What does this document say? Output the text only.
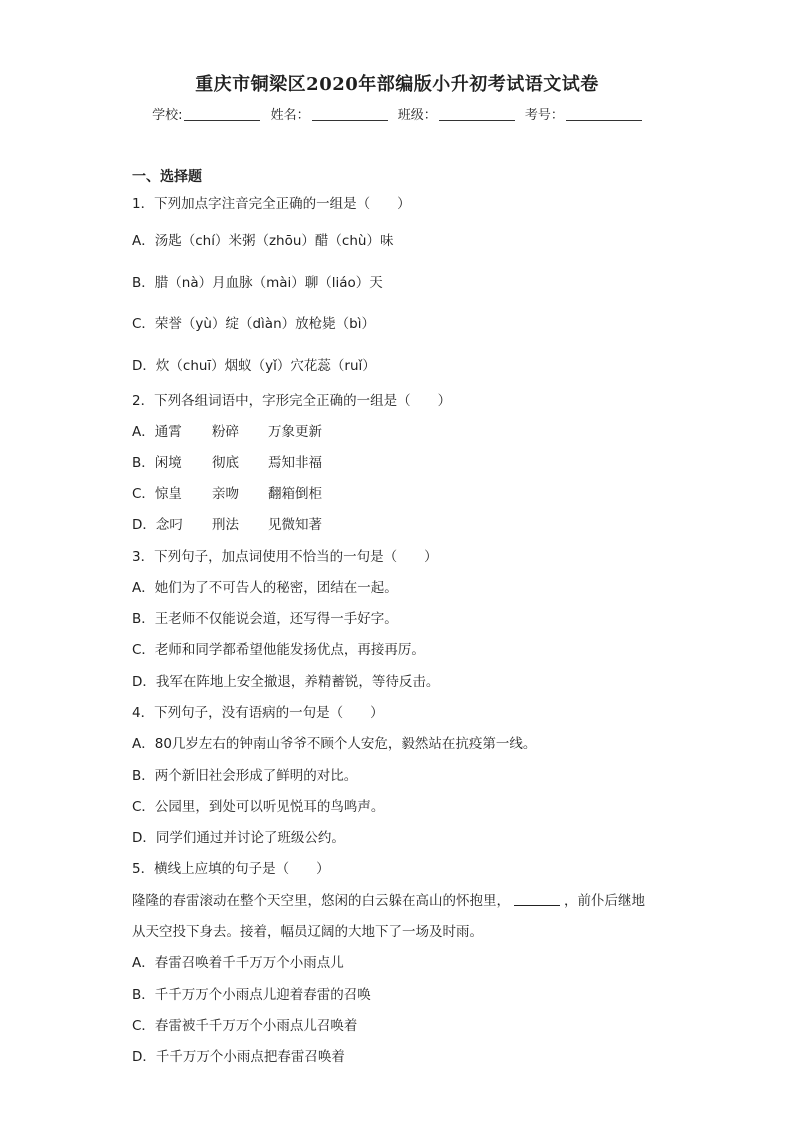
重庆市铜梁区2020年部编版小升初考试语文试卷
学校:	姓名：	班级：	考号：
一、选择题
1．下列加点字注音完全正确的一组是（　　）
A．汤匙（chí）米粥（zhōu）醋（chù）味
B．腊（nà）月血脉（mài）聊（liáo）天
C．荣誉（yù）绽（dìàn）放枪毙（bì）
D．炊（chuī）烟蚁（yǐ）穴花蕊（ruǐ）
2．下列各组词语中，字形完全正确的一组是（　　）
A．通霄 粉碎 万象更新
B．闲境 彻底 焉知非福
C．惊皇 亲吻 翻箱倒柜
D．念叼 刑法 见微知著
3．下列句子，加点词使用不恰当的一句是（　　）
A．她们为了不可告人的秘密，团结在一起。
B．王老师不仅能说会道，还写得一手好字。
C．老师和同学都希望他能发扬优点，再接再厉。
D．我军在阵地上安全撤退，养精蓄锐，等待反击。
4．下列句子，没有语病的一句是（　　）
A．80几岁左右的钟南山爷爷不顾个人安危，毅然站在抗疫第一线。
B．两个新旧社会形成了鲜明的对比。
C．公园里，到处可以听见悦耳的鸟鸣声。
D．同学们通过并讨论了班级公约。
5．横线上应填的句子是（　　）
隆隆的春雷滚动在整个天空里，悠闲的白云躲在高山的怀抱里，	，前仆后继地
从天空投下身去。接着，幅员辽阔的大地下了一场及时雨。
A．春雷召唤着千千万万个小雨点儿
B．千千万万个小雨点儿迎着春雷的召唤
C．春雷被千千万万个小雨点儿召唤着
D．千千万万个小雨点把春雷召唤着
